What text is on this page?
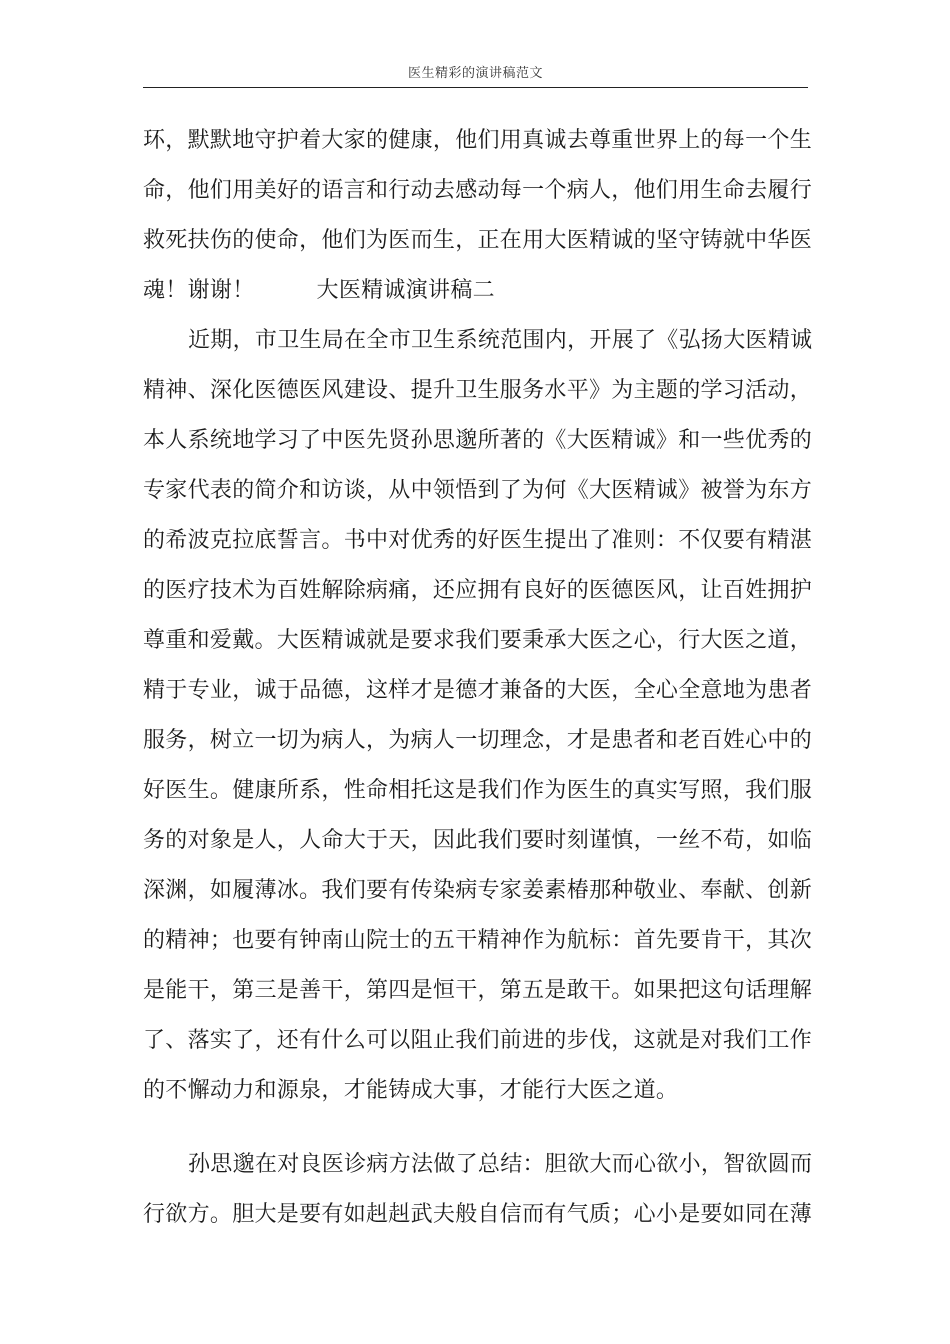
医生精彩的演讲稿范文
环，默默地守护着大家的健康，他们用真诚去尊重世界上的每一个生
命，他们用美好的语言和行动去感动每一个病人，他们用生命去履行
救死扶伤的使命，他们为医而生，正在用大医精诚的坚守铸就中华医
魂！谢谢！	大医精诚演讲稿二
近期，市卫生局在全市卫生系统范围内，开展了《弘扬大医精诚
精神、深化医德医风建设、提升卫生服务水平》为主题的学习活动，
本人系统地学习了中医先贤孙思邈所著的《大医精诚》和一些优秀的
专家代表的简介和访谈，从中领悟到了为何《大医精诚》被誉为东方
的希波克拉底誓言。书中对优秀的好医生提出了准则：不仅要有精湛
的医疗技术为百姓解除病痛，还应拥有良好的医德医风，让百姓拥护
尊重和爱戴。大医精诚就是要求我们要秉承大医之心，行大医之道，
精于专业，诚于品德，这样才是德才兼备的大医，全心全意地为患者
服务，树立一切为病人，为病人一切理念，才是患者和老百姓心中的
好医生。健康所系，性命相托这是我们作为医生的真实写照，我们服
务的对象是人，人命大于天，因此我们要时刻谨慎，一丝不苟，如临
深渊，如履薄冰。我们要有传染病专家姜素椿那种敬业、奉献、创新
的精神；也要有钟南山院士的五干精神作为航标：首先要肯干，其次
是能干，第三是善干，第四是恒干，第五是敢干。如果把这句话理解
了、落实了，还有什么可以阻止我们前进的步伐，这就是对我们工作
的不懈动力和源泉，才能铸成大事，才能行大医之道。
孙思邈在对良医诊病方法做了总结：胆欲大而心欲小，智欲圆而
行欲方。胆大是要有如赳赳武夫般自信而有气质；心小是要如同在薄
